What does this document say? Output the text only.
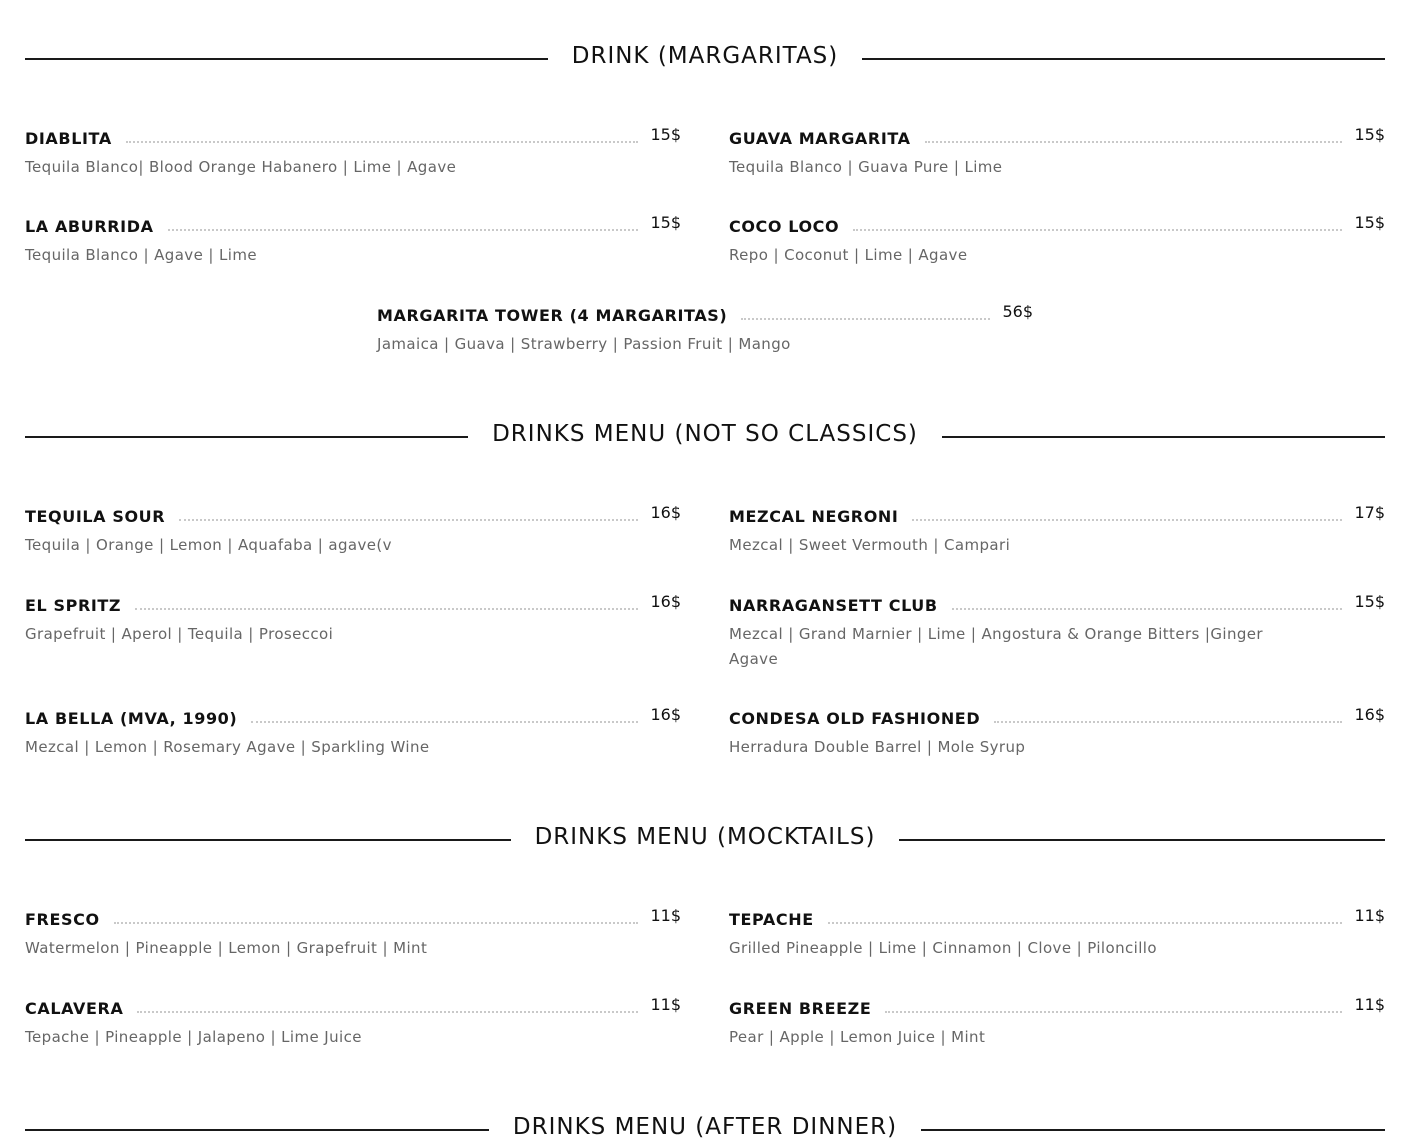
DRINK (MARGARITAS)
DIABLITA	15$
Tequila Blanco| Blood Orange Habanero | Lime | Agave
GUAVA MARGARITA	15$
Tequila Blanco | Guava Pure | Lime
LA ABURRIDA	15$
Tequila Blanco | Agave | Lime
COCO LOCO	15$
Repo | Coconut | Lime | Agave
MARGARITA TOWER (4 MARGARITAS)	56$
Jamaica | Guava | Strawberry | Passion Fruit | Mango
DRINKS MENU (NOT SO CLASSICS)
TEQUILA SOUR	16$
Tequila | Orange | Lemon | Aquafaba | agave(v
MEZCAL NEGRONI	17$
Mezcal | Sweet Vermouth | Campari
EL SPRITZ	16$
Grapefruit | Aperol | Tequila | Proseccoi
NARRAGANSETT CLUB	15$
Mezcal | Grand Marnier | Lime | Angostura & Orange Bitters |Ginger Agave
LA BELLA (MVA, 1990)	16$
Mezcal | Lemon | Rosemary Agave | Sparkling Wine
CONDESA OLD FASHIONED	16$
Herradura Double Barrel | Mole Syrup
DRINKS MENU (MOCKTAILS)
FRESCO	11$
Watermelon | Pineapple | Lemon | Grapefruit | Mint
TEPACHE	11$
Grilled Pineapple | Lime | Cinnamon | Clove | Piloncillo
CALAVERA	11$
Tepache | Pineapple | Jalapeno | Lime Juice
GREEN BREEZE	11$
Pear | Apple | Lemon Juice | Mint
DRINKS MENU (AFTER DINNER)
